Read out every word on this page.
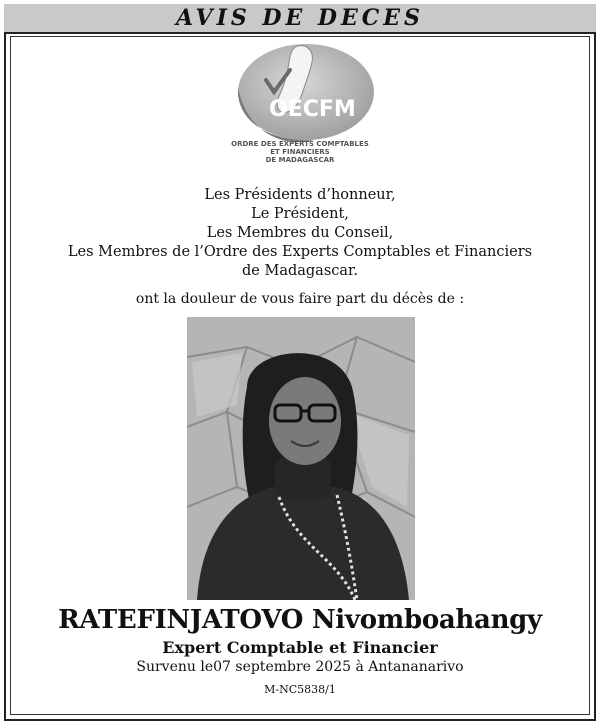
AVIS DE DECES
OECFM
ORDRE DES EXPERTS COMPTABLES
ET FINANCIERS
DE MADAGASCAR
Les Présidents d’honneur,
Le Président,
Les Membres du Conseil,
Les Membres de l’Ordre des Experts Comptables et Financiers
de Madagascar.
ont la douleur de vous faire part du décès de :
RATEFINJATOVO Nivomboahangy
Expert Comptable et Financier
Survenu le07 septembre 2025 à Antananarivo
M-NC5838/1
